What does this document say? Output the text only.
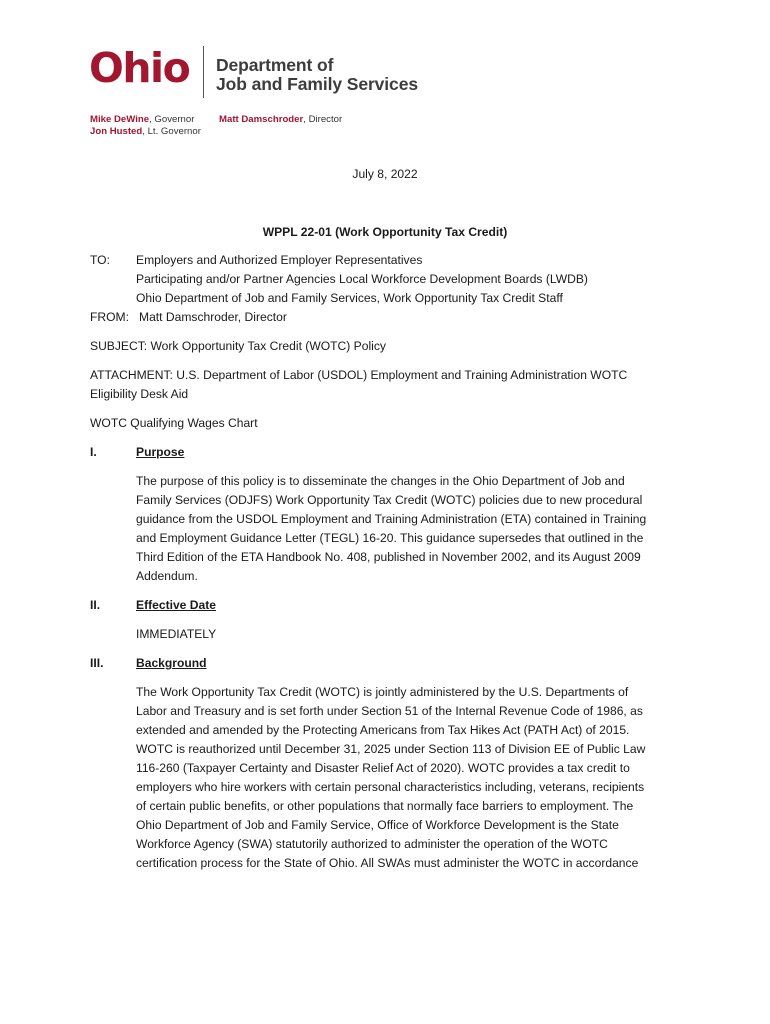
Ohio Department of
Job and Family Services
Mike DeWine, Governor
Jon Husted, Lt. Governor
Matt Damschroder, Director
July 8, 2022
WPPL 22-01 (Work Opportunity Tax Credit)
TO: Employers and Authorized Employer Representatives
Participating and/or Partner Agencies Local Workforce Development Boards (LWDB)
Ohio Department of Job and Family Services, Work Opportunity Tax Credit Staff
FROM: Matt Damschroder, Director
SUBJECT: Work Opportunity Tax Credit (WOTC) Policy
ATTACHMENT: U.S. Department of Labor (USDOL) Employment and Training Administration WOTC
Eligibility Desk Aid
WOTC Qualifying Wages Chart
I.	Purpose
The purpose of this policy is to disseminate the changes in the Ohio Department of Job and
Family Services (ODJFS) Work Opportunity Tax Credit (WOTC) policies due to new procedural
guidance from the USDOL Employment and Training Administration (ETA) contained in Training
and Employment Guidance Letter (TEGL) 16-20. This guidance supersedes that outlined in the
Third Edition of the ETA Handbook No. 408, published in November 2002, and its August 2009
Addendum.
II.	Effective Date
IMMEDIATELY
III.	Background
The Work Opportunity Tax Credit (WOTC) is jointly administered by the U.S. Departments of
Labor and Treasury and is set forth under Section 51 of the Internal Revenue Code of 1986, as
extended and amended by the Protecting Americans from Tax Hikes Act (PATH Act) of 2015.
WOTC is reauthorized until December 31, 2025 under Section 113 of Division EE of Public Law
116-260 (Taxpayer Certainty and Disaster Relief Act of 2020). WOTC provides a tax credit to
employers who hire workers with certain personal characteristics including, veterans, recipients
of certain public benefits, or other populations that normally face barriers to employment. The
Ohio Department of Job and Family Service, Office of Workforce Development is the State
Workforce Agency (SWA) statutorily authorized to administer the operation of the WOTC
certification process for the State of Ohio. All SWAs must administer the WOTC in accordance
